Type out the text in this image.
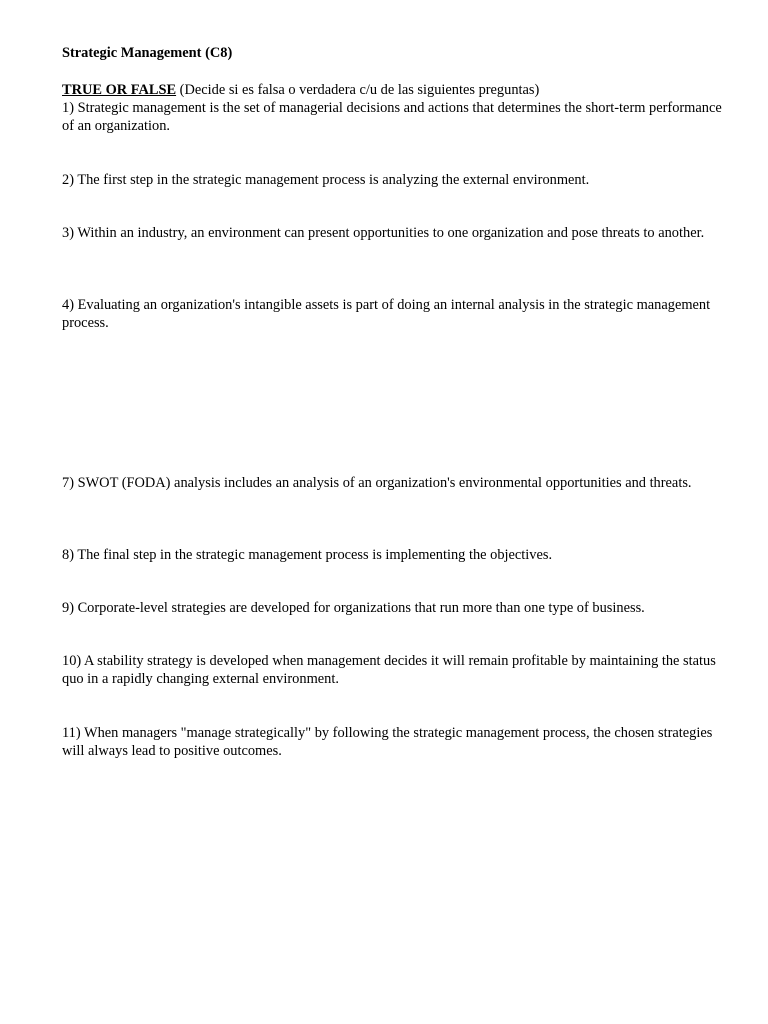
Strategic Management (C8)

TRUE OR FALSE (Decide si es falsa o verdadera c/u de las siguientes preguntas)

1) Strategic management is the set of managerial decisions and actions that determines the short-term performance of an organization.

2) The first step in the strategic management process is analyzing the external environment.

3) Within an industry, an environment can present opportunities to one organization and pose threats to another.

4) Evaluating an organization's intangible assets is part of doing an internal analysis in the strategic management process.

7) SWOT (FODA) analysis includes an analysis of an organization's environmental opportunities and threats.

8) The final step in the strategic management process is implementing the objectives.

9) Corporate-level strategies are developed for organizations that run more than one type of business.

10) A stability strategy is developed when management decides it will remain profitable by maintaining the status quo in a rapidly changing external environment.

11) When managers "manage strategically" by following the strategic management process, the chosen strategies will always lead to positive outcomes.
